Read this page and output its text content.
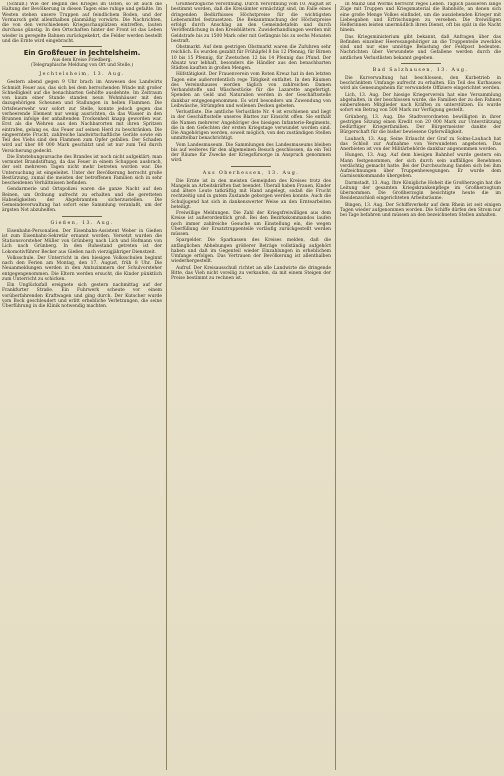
(Schluß.) Wie der Beginn des Krieges im Osten, so ist auch die Haltung der Bevölkerung in diesen Tagen eine ruhige und gefaßte. Im Westen stehen unsere Truppen auf feindlichem Boden, und der Vormarsch geht allenthalben planmäßig vorwärts. Die Nachrichten, die von den verschiedenen Kriegsschauplätzen eintreffen, lauten durchaus günstig. In den Ortschaften hinter der Front ist das Leben wieder in geregelte Bahnen zurückgekehrt, die Felder werden bestellt und die Ernte wird eingebracht.

Ein Großfeuer in Jechtelsheim.
Aus dem Kreise Friedberg.
(Telegraphische Meldung von Ort und Stelle.)
Jechtelsheim, 13. Aug.

Gestern abend gegen 9 Uhr brach im Anwesen des Landwirts Schmidt Feuer aus, das sich bei dem herrschenden Winde mit großer Schnelligkeit auf die benachbarten Gehöfte ausdehnte. Im Zeitraum von kaum einer Stunde standen neun Wohnhäuser mit den dazugehörigen Scheunen und Stallungen in hellen Flammen. Die Ortsfeuerwehr war sofort zur Stelle, konnte jedoch gegen das verheerende Element nur wenig ausrichten, da das Wasser in den Brunnen infolge der anhaltenden Trockenheit knapp geworden war. Erst als die Wehren aus den Nachbarorten mit ihren Spritzen eintrafen, gelang es, das Feuer auf seinen Herd zu beschränken. Die eingeerntete Frucht, zahlreiche landwirtschaftliche Geräte sowie ein Teil des Viehs sind den Flammen zum Opfer gefallen. Der Schaden wird auf über 80 000 Mark geschätzt und ist nur zum Teil durch Versicherung gedeckt.

Die Entstehungsursache des Brandes ist noch nicht aufgeklärt; man vermutet Brandstiftung, da das Feuer in einem Schuppen ausbrach, der seit mehreren Tagen nicht mehr betreten worden war. Die Untersuchung ist eingeleitet. Unter der Bevölkerung herrscht große Bestürzung, zumal die meisten der betroffenen Familien sich in sehr bescheidenen Verhältnissen befinden.

Gendarmerie und Ortspolizei waren die ganze Nacht auf den Beinen, um Ordnung aufrecht zu erhalten und die geretteten Habseligkeiten der Abgebrannten sicherzustellen. Die Gemeindeverwaltung hat sofort eine Sammlung veranlaßt, um der ärgsten Not abzuhelfen.

Gießen, 13. Aug.

Eisenbahn-Personalien. Der Eisenbahn-Assistent Weber in Gießen ist zum Eisenbahn-Sekretär ernannt worden. Versetzt wurden die Stationsvorsteher Müller von Grünberg nach Lich und Hofmann von Lich nach Grünberg. In den Ruhestand getreten ist der Lokomotivführer Becker aus Gießen nach vierzigjähriger Dienstzeit.

Volksschule. Der Unterricht in den hiesigen Volksschulen beginnt nach den Ferien am Montag, den 17. August, früh 8 Uhr. Die Neuanmeldungen werden in den Amtszimmern der Schulvorsteher entgegengenommen. Die Eltern werden ersucht, die Kinder pünktlich zum Unterricht zu schicken.

Ein Unglücksfall ereignete sich gestern nachmittag auf der Frankfurter Straße. Ein Fuhrwerk scheute vor einem vorüberfahrenden Kraftwagen und ging durch. Der Kutscher wurde vom Bock geschleudert und erlitt erhebliche Verletzungen, die seine Überführung in die Klinik notwendig machten.

Großherzogliche Verordnung. Durch Verordnung vom 10. August ist bestimmt worden, daß die Kreisämter ermächtigt sind, im Falle eines dringenden Bedürfnisses Höchstpreise für die wichtigsten Lebensmittel festzusetzen. Die Bekanntmachung der Höchstpreise erfolgt durch Anschlag an den Gemeindetafeln und durch Veröffentlichung in den Kreisblättern. Zuwiderhandlungen werden mit Geldstrafe bis zu 1500 Mark oder mit Gefängnis bis zu sechs Monaten bestraft.

Obstmarkt. Auf dem gestrigen Obstmarkt waren die Zufuhren sehr reichlich. Es wurden gezahlt für Frühäpfel 8 bis 12 Pfennig, für Birnen 10 bis 15 Pfennig, für Zwetschen 12 bis 14 Pfennig das Pfund. Der Absatz war lebhaft, besonders die Händler aus den benachbarten Städten kauften in großen Mengen.

Hilfstätigkeit. Der Frauenverein vom Roten Kreuz hat in den letzten Tagen eine außerordentlich rege Tätigkeit entfaltet. In den Räumen des Vereinshauses werden täglich von zahlreichen Damen Verbandstoffe und Wäschestücke für die Lazarette angefertigt. Spenden an Geld und Naturalien werden in der Geschäftsstelle dankbar entgegengenommen. Es wird besonders um Zuwendung von Leibwäsche, Strümpfen und wollenen Decken gebeten.

Verlustliste. Die amtliche Verlustliste Nr. 4 ist erschienen und liegt in der Geschäftsstelle unseres Blattes zur Einsicht offen. Sie enthält die Namen mehrerer Angehöriger des hiesigen Infanterie-Regiments, die in den Gefechten der ersten Kriegstage verwundet worden sind. Die Angehörigen werden, soweit möglich, von den zuständigen Stellen unmittelbar benachrichtigt.

Vom Landesmuseum. Die Sammlungen des Landesmuseums bleiben bis auf weiteres für den allgemeinen Besuch geschlossen, da ein Teil der Räume für Zwecke der Kriegsfürsorge in Anspruch genommen wird.

Aus Oberhessen, 13. Aug.

Die Ernte ist in den meisten Gemeinden des Kreises trotz des Mangels an Arbeitskräften fast beendet. Überall haben Frauen, Kinder und ältere Leute tatkräftig mit Hand angelegt, sodaß die Frucht rechtzeitig und in gutem Zustande geborgen werden konnte. Auch die Schuljugend hat sich in dankenswerter Weise an den Erntearbeiten beteiligt.

Freiwillige Meldungen. Die Zahl der Kriegsfreiwilligen aus dem Kreise ist außerordentlich groß. Bei den Bezirkskommandos laufen noch immer zahlreiche Gesuche um Einstellung ein, die wegen Überfüllung der Ersatztruppenteile vorläufig zurückgestellt werden müssen.

Spargelder. Die Sparkassen des Kreises melden, daß die anfänglichen Abhebungen größerer Beträge vollständig aufgehört haben und daß im Gegenteil wieder Einzahlungen in erheblichem Umfange erfolgen. Das Vertrauen der Bevölkerung ist allenthalben wiederhergestellt.

Aufruf. Der Kreisausschuß richtet an alle Landwirte die dringende Bitte, das Vieh nicht voreilig zu verkaufen, da mit einem Steigen der Preise bestimmt zu rechnen ist.

In Mainz und Worms herrscht reges Leben. Täglich passieren lange Züge mit Truppen und Kriegsmaterial die Bahnhöfe, an denen sich eine große Menge Volkes einfindet, um die ausziehenden Krieger mit Liebesgaben und Erfrischungen zu versehen. Die freiwilligen Helferinnen leisten unermüdlich ihren Dienst, oft bis spät in die Nacht hinein.

Das Kriegsministerium gibt bekannt, daß Anfragen über das Befinden einzelner Heeresangehöriger an die Truppenteile zwecklos sind und nur eine unnötige Belastung der Feldpost bedeuten. Nachrichten über Verwundete und Gefallene werden durch die amtlichen Verlustlisten bekannt gegeben.

Bad Salzhausen, 13. Aug.

Die Kurverwaltung hat beschlossen, den Kurbetrieb in beschränktem Umfange aufrecht zu erhalten. Ein Teil des Kurhauses wird als Genesungsheim für verwundete Offiziere eingerichtet werden.

Lich, 13. Aug. Der hiesige Kriegerverein hat eine Versammlung abgehalten, in der beschlossen wurde, die Familien der zu den Fahnen einberufenen Mitglieder nach Kräften zu unterstützen. Es wurde sofort ein Betrag von 500 Mark zur Verfügung gestellt.

Grünberg, 13. Aug. Die Stadtverordneten bewilligten in ihrer gestrigen Sitzung einen Kredit von 20 000 Mark zur Unterstützung bedürftiger Kriegerfamilien. Der Bürgermeister dankte der Bürgerschaft für die bisher bewiesene Opferwilligkeit.

Laubach, 13. Aug. Seine Erlaucht der Graf zu Solms-Laubach hat das Schloß zur Aufnahme von Verwundeten angeboten. Das Anerbieten ist von der Militärbehörde dankbar angenommen worden.

Hungen, 13. Aug. Auf dem hiesigen Bahnhof wurde gestern ein Mann festgenommen, der sich durch sein auffälliges Benehmen verdächtig gemacht hatte. Bei der Durchsuchung fanden sich bei ihm Aufzeichnungen über Truppenbewegungen. Er wurde dem Garnisonkommando übergeben.

Darmstadt, 13. Aug. Ihre Königliche Hoheit die Großherzogin hat die Leitung der gesamten Kriegskrankenpflege im Großherzogtum übernommen. Die Großherzogin besichtigte heute die im Residenzschloß eingerichteten Arbeitsräume.

Bingen, 13. Aug. Der Schiffsverkehr auf dem Rhein ist seit einigen Tagen wieder aufgenommen worden. Die Schiffe dürfen den Strom nur bei Tage befahren und müssen an den bezeichneten Stellen anhalten.
